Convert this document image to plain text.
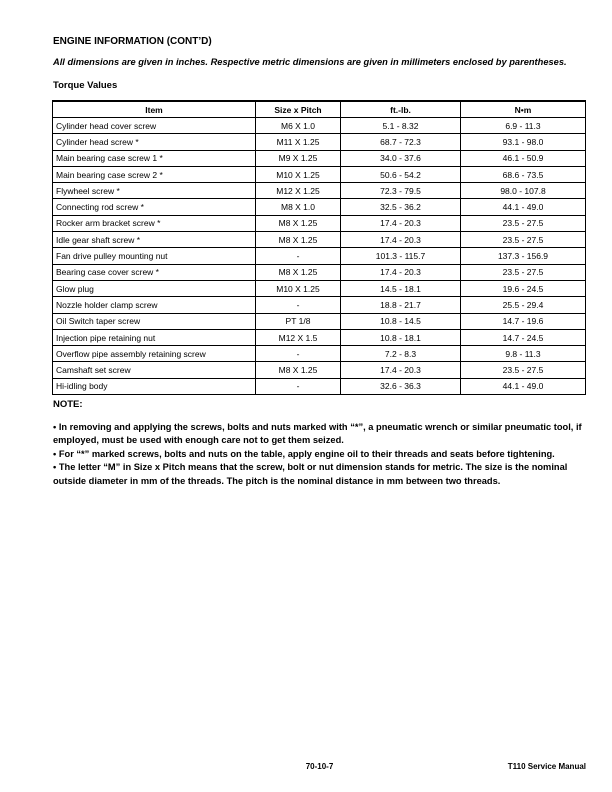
ENGINE INFORMATION (CONT’D)
All dimensions are given in inches. Respective metric dimensions are given in millimeters enclosed by parentheses.
Torque Values
Item	Size x Pitch	ft.-lb.	N•m
Cylinder head cover screw	M6 X 1.0	5.1 - 8.32	6.9 - 11.3
Cylinder head screw *	M11 X 1.25	68.7 - 72.3	93.1 - 98.0
Main bearing case screw 1 *	M9 X 1.25	34.0 - 37.6	46.1 - 50.9
Main bearing case screw 2 *	M10 X 1.25	50.6 - 54.2	68.6 - 73.5
Flywheel screw *	M12 X 1.25	72.3 - 79.5	98.0 - 107.8
Connecting rod screw *	M8 X 1.0	32.5 - 36.2	44.1 - 49.0
Rocker arm bracket screw *	M8 X 1.25	17.4 - 20.3	23.5 - 27.5
Idle gear shaft screw *	M8 X 1.25	17.4 - 20.3	23.5 - 27.5
Fan drive pulley mounting nut	-	101.3 - 115.7	137.3 - 156.9
Bearing case cover screw *	M8 X 1.25	17.4 - 20.3	23.5 - 27.5
Glow plug	M10 X 1.25	14.5 - 18.1	19.6 - 24.5
Nozzle holder clamp screw	-	18.8 - 21.7	25.5 - 29.4
Oil Switch taper screw	PT 1/8	10.8 - 14.5	14.7 - 19.6
Injection pipe retaining nut	M12 X 1.5	10.8 - 18.1	14.7 - 24.5
Overflow pipe assembly retaining screw	-	7.2 - 8.3	9.8 - 11.3
Camshaft set screw	M8 X 1.25	17.4 - 20.3	23.5 - 27.5
Hi-idling body	-	32.6 - 36.3	44.1 - 49.0
NOTE:

• In removing and applying the screws, bolts and nuts marked with “*”, a pneumatic wrench or similar pneumatic tool, if employed, must be used with enough care not to get them seized.

• For “*” marked screws, bolts and nuts on the table, apply engine oil to their threads and seats before tightening.

• The letter “M” in Size x Pitch means that the screw, bolt or nut dimension stands for metric. The size is the nominal outside diameter in mm of the threads. The pitch is the nominal distance in mm between two threads.

70-10-7	T110 Service Manual
